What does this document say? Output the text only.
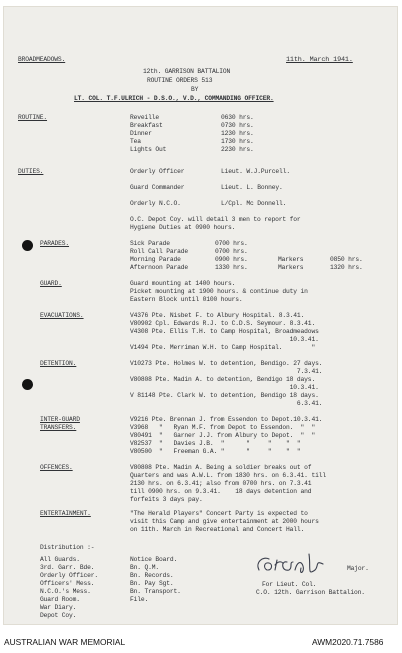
BROADMEADOWS.	11th. March 1941.
12th. GARRISON BATTALION
ROUTINE ORDERS 513
BY
LT. COL. T.F.ULRICH - D.S.O., V.D., COMMANDING OFFICER.
ROUTINE.	Reveille	0630 hrs.
Breakfast	0730 hrs.
Dinner	1230 hrs.
Tea	1730 hrs.
Lights Out	2230 hrs.
DUTIES.	Orderly Officer	Lieut. W.J.Purcell.
Guard Commander	Lieut. L. Bonney.
Orderly N.C.O.	L/Cpl. Mc Donnell.
O.C. Depot Coy. will detail 3 men to report for
Hygiene Duties at 0900 hours.
PARADES.	Sick Parade	0700 hrs.
Roll Call Parade	0700 hrs.
Morning Parade	0900 hrs.	Markers	0850 hrs.
Afternoon Parade	1330 hrs.	Markers	1320 hrs.
GUARD.	Guard mounting at 1400 hours.
Picket mounting at 1900 hours. & continue duty in
Eastern Block until 0100 hours.
EVACUATIONS.	V4376 Pte. Nisbet F. to Albury Hospital. 8.3.41.
V80902 Cpl. Edwards R.J. to C.D.S. Seymour. 8.3.41.
V4308 Pte. Ellis T.H. to Camp Hospital, Broadmeadows
10.3.41.
V1494 Pte. Merriman W.H. to Camp Hospital.        "
DETENTION.	V10273 Pte. Holmes W. to detention, Bendigo. 27 days.
7.3.41.
V80808 Pte. Madin A. to detention, Bendigo 18 days.
10.3.41.
V 81148 Pte. Clark W. to detention, Bendigo 18 days.
6.3.41.
INTER-GUARD
TRANSFERS.
V9216 Pte. Brennan J. from Essendon to Depot.10.3.41.
V3968   "   Ryan M.F. from Depot to Essendon.  "  "
V80491  "   Garner J.J. from Albury to Depot.  "  "
V82537  "   Davies J.B.  "      "     "    "  "
V80500  "   Freeman G.A. "      "     "    "  "
OFFENCES.	V80808 Pte. Madin A. Being a soldier breaks out of
Quarters and was A.W.L. from 1830 hrs. on 6.3.41. till
2130 hrs. on 6.3.41; also from 0700 hrs. on 7.3.41
till 0900 hrs. on 9.3.41.    18 days detention and
forfeits 3 days pay.
ENTERTAINMENT.	"The Herald Players" Concert Party is expected to
visit this Camp and give entertainment at 2000 hours
on 11th. March in Recreational and Concert Hall.
Distribution :-
All Guards.
3rd. Garr. Bde.
Orderly Officer.
Officers' Mess.
N.C.O.'s Mess.
Guard Room.
War Diary.
Depot Coy.
Notice Board.
Bn. Q.M.
Bn. Records.
Bn. Pay Sgt.
Bn. Transport.
File.
Major.
For Lieut. Col.
C.O. 12th. Garrison Battalion.
AUSTRALIAN WAR MEMORIAL	AWM2020.71.7586
